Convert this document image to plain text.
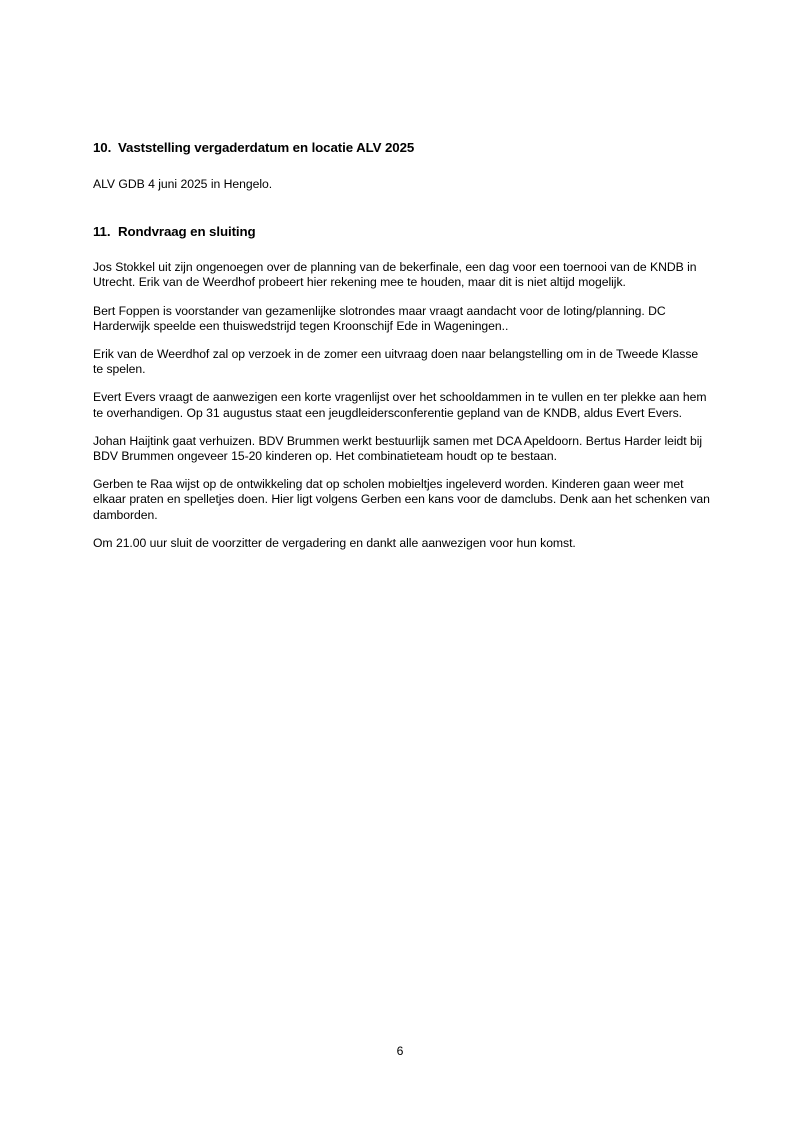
10. Vaststelling vergaderdatum en locatie ALV 2025

ALV GDB 4 juni 2025 in Hengelo.

11. Rondvraag en sluiting

Jos Stokkel uit zijn ongenoegen over de planning van de bekerfinale, een dag voor een toernooi van de KNDB in Utrecht. Erik van de Weerdhof probeert hier rekening mee te houden, maar dit is niet altijd mogelijk.

Bert Foppen is voorstander van gezamenlijke slotrondes maar vraagt aandacht voor de loting/planning. DC Harderwijk speelde een thuiswedstrijd tegen Kroonschijf Ede in Wageningen..

Erik van de Weerdhof zal op verzoek in de zomer een uitvraag doen naar belangstelling om in de Tweede Klasse te spelen.

Evert Evers vraagt de aanwezigen een korte vragenlijst over het schooldammen in te vullen en ter plekke aan hem te overhandigen. Op 31 augustus staat een jeugdleidersconferentie gepland van de KNDB, aldus Evert Evers.

Johan Haijtink gaat verhuizen. BDV Brummen werkt bestuurlijk samen met DCA Apeldoorn. Bertus Harder leidt bij BDV Brummen ongeveer 15-20 kinderen op. Het combinatieteam houdt op te bestaan.

Gerben te Raa wijst op de ontwikkeling dat op scholen mobieltjes ingeleverd worden. Kinderen gaan weer met elkaar praten en spelletjes doen. Hier ligt volgens Gerben een kans voor de damclubs. Denk aan het schenken van damborden.

Om 21.00 uur sluit de voorzitter de vergadering en dankt alle aanwezigen voor hun komst.

6
